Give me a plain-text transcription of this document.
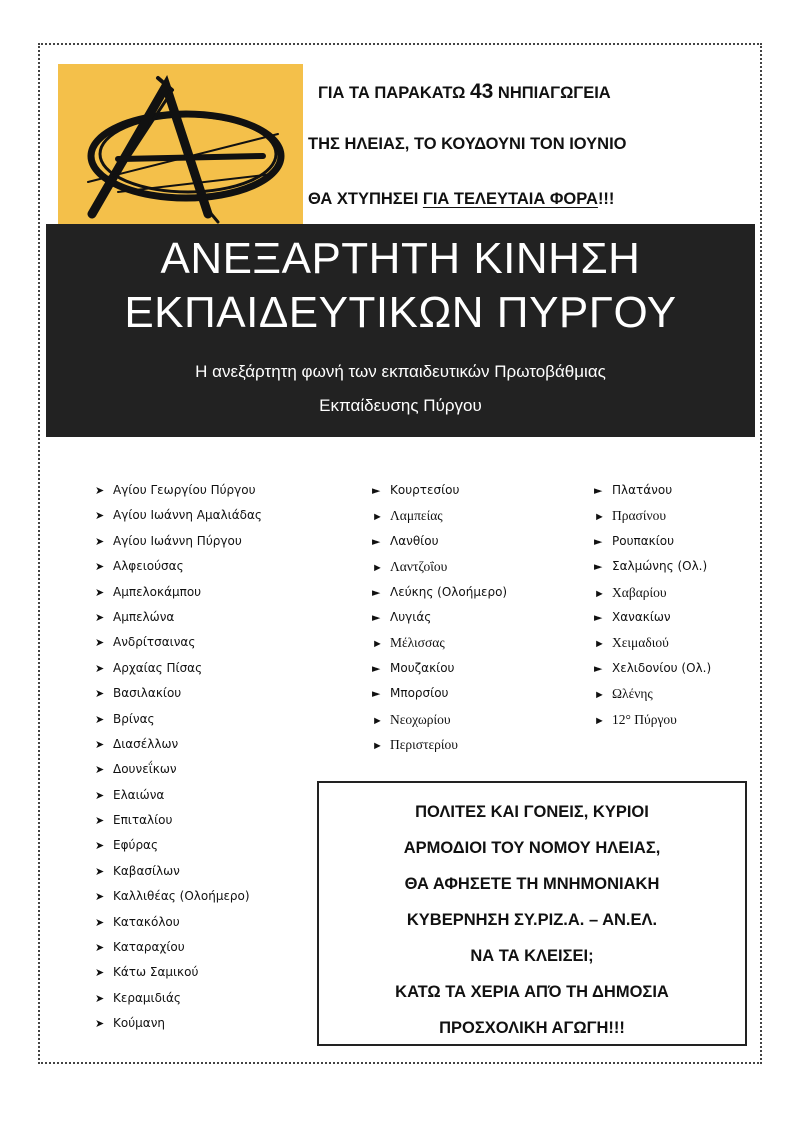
ΓΙΑ ΤΑ ΠΑΡΑΚΑΤΩ 43 ΝΗΠΙΑΓΩΓΕΙΑ
ΤΗΣ ΗΛΕΙΑΣ, ΤΟ ΚΟΥΔΟΥΝΙ ΤΟΝ ΙΟΥΝΙΟ
ΘΑ ΧΤΥΠΗΣΕΙ ΓΙΑ ΤΕΛΕΥΤΑΙΑ ΦΟΡΑ!!!
ΑΝΕΞΑΡΤΗΤΗ ΚΙΝΗΣΗ
ΕΚΠΑΙΔΕΥΤΙΚΩΝ ΠΥΡΓΟΥ
Η ανεξάρτητη φωνή των εκπαιδευτικών Πρωτοβάθμιας
Εκπαίδευσης Πύργου
➤ Αγίου Γεωργίου Πύργου
➤ Αγίου Ιωάννη Αμαλιάδας
➤ Αγίου Ιωάννη Πύργου
➤ Αλφειούσας
➤ Αμπελοκάμπου
➤ Αμπελώνα
➤ Ανδρίτσαινας
➤ Αρχαίας Πίσας
➤ Βασιλακίου
➤ Βρίνας
➤ Διασέλλων
➤ Δουνεΐκων
➤ Ελαιώνα
➤ Επιταλίου
➤ Εφύρας
➤ Καβασίλων
➤ Καλλιθέας (Ολοήμερο)
➤ Κατακόλου
➤ Καταραχίου
➤ Κάτω Σαμικού
➤ Κεραμιδιάς
➤ Κούμανη
► Κουρτεσίου
► Λαμπείας
► Λανθίου
► Λαντζοΐου
► Λεύκης (Ολοήμερο)
► Λυγιάς
► Μέλισσας
► Μουζακίου
► Μπορσίου
► Νεοχωρίου
► Περιστερίου
► Πλατάνου
► Πρασίνου
► Ρουπακίου
► Σαλμώνης (Ολ.)
► Χαβαρίου
► Χανακίων
► Χειμαδιού
► Χελιδονίου (Ολ.)
► Ωλένης
► 12° Πύργου
ΠΟΛΙΤΕΣ ΚΑΙ ΓΟΝΕΙΣ, ΚΥΡΙΟΙ
ΑΡΜΟΔΙΟΙ ΤΟΥ ΝΟΜΟΥ ΗΛΕΙΑΣ,
ΘΑ ΑΦΗΣΕΤΕ ΤΗ ΜΝΗΜΟΝΙΑΚΗ
ΚΥΒΕΡΝΗΣΗ ΣΥ.ΡΙΖ.Α. – ΑΝ.ΕΛ.
ΝΑ ΤΑ ΚΛΕΙΣΕΙ;
ΚΑΤΩ ΤΑ ΧΕΡΙΑ ΑΠΌ ΤΗ ΔΗΜΟΣΙΑ
ΠΡΟΣΧΟΛΙΚΗ ΑΓΩΓΗ!!!
